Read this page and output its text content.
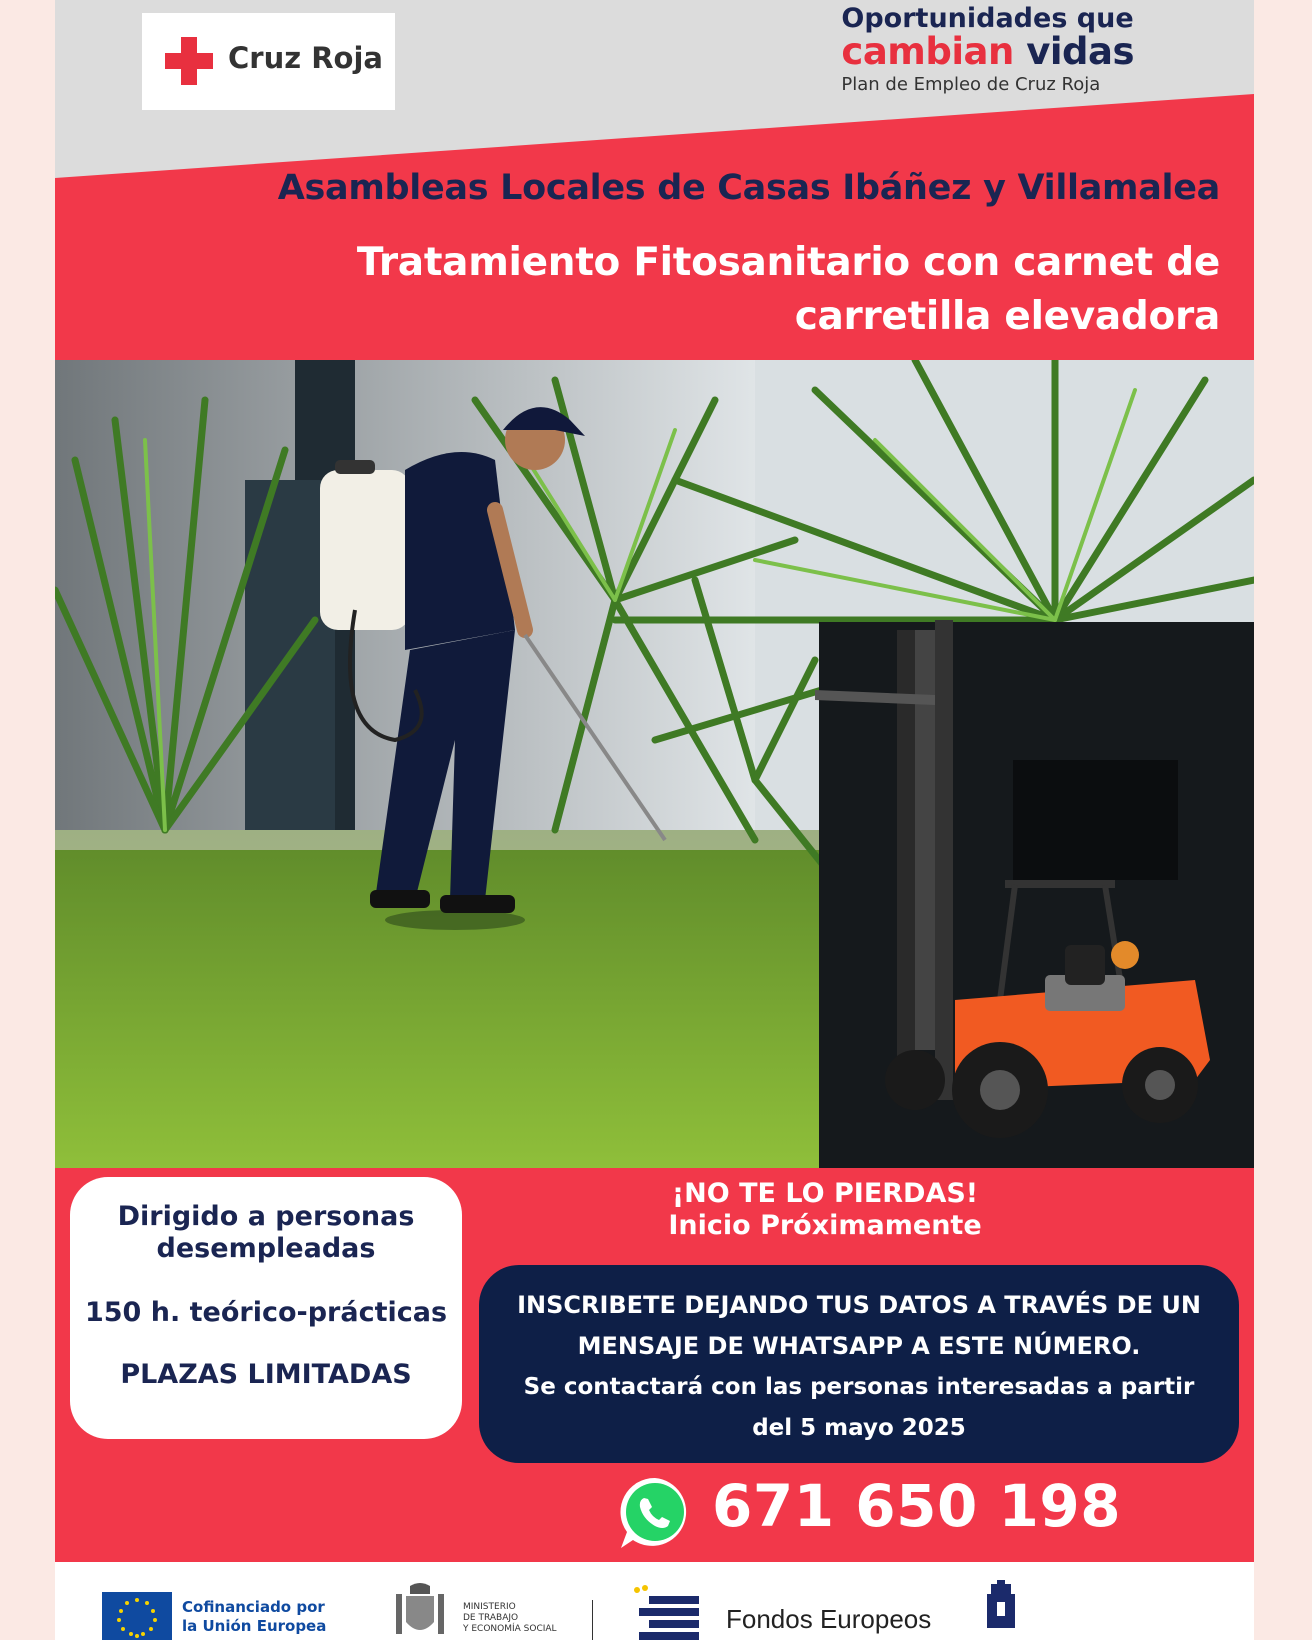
Cruz Roja
Oportunidades que
cambian vidas
Plan de Empleo de Cruz Roja
Asambleas Locales de Casas Ibáñez y Villamalea
Tratamiento Fitosanitario con carnet de
carretilla elevadora
Dirigido a personas
desempleadas
150 h. teórico-prácticas
PLAZAS LIMITADAS
¡NO TE LO PIERDAS!
Inicio Próximamente
INSCRIBETE DEJANDO TUS DATOS A TRAVÉS DE UN
MENSAJE DE WHATSAPP A ESTE NÚMERO.
Se contactará con las personas interesadas a partir
del 5 mayo 2025
671 650 198
Cofinanciado por
la Unión Europea
MINISTERIO
DE TRABAJO
Y ECONOMÍA SOCIAL	Fondos Europeos
